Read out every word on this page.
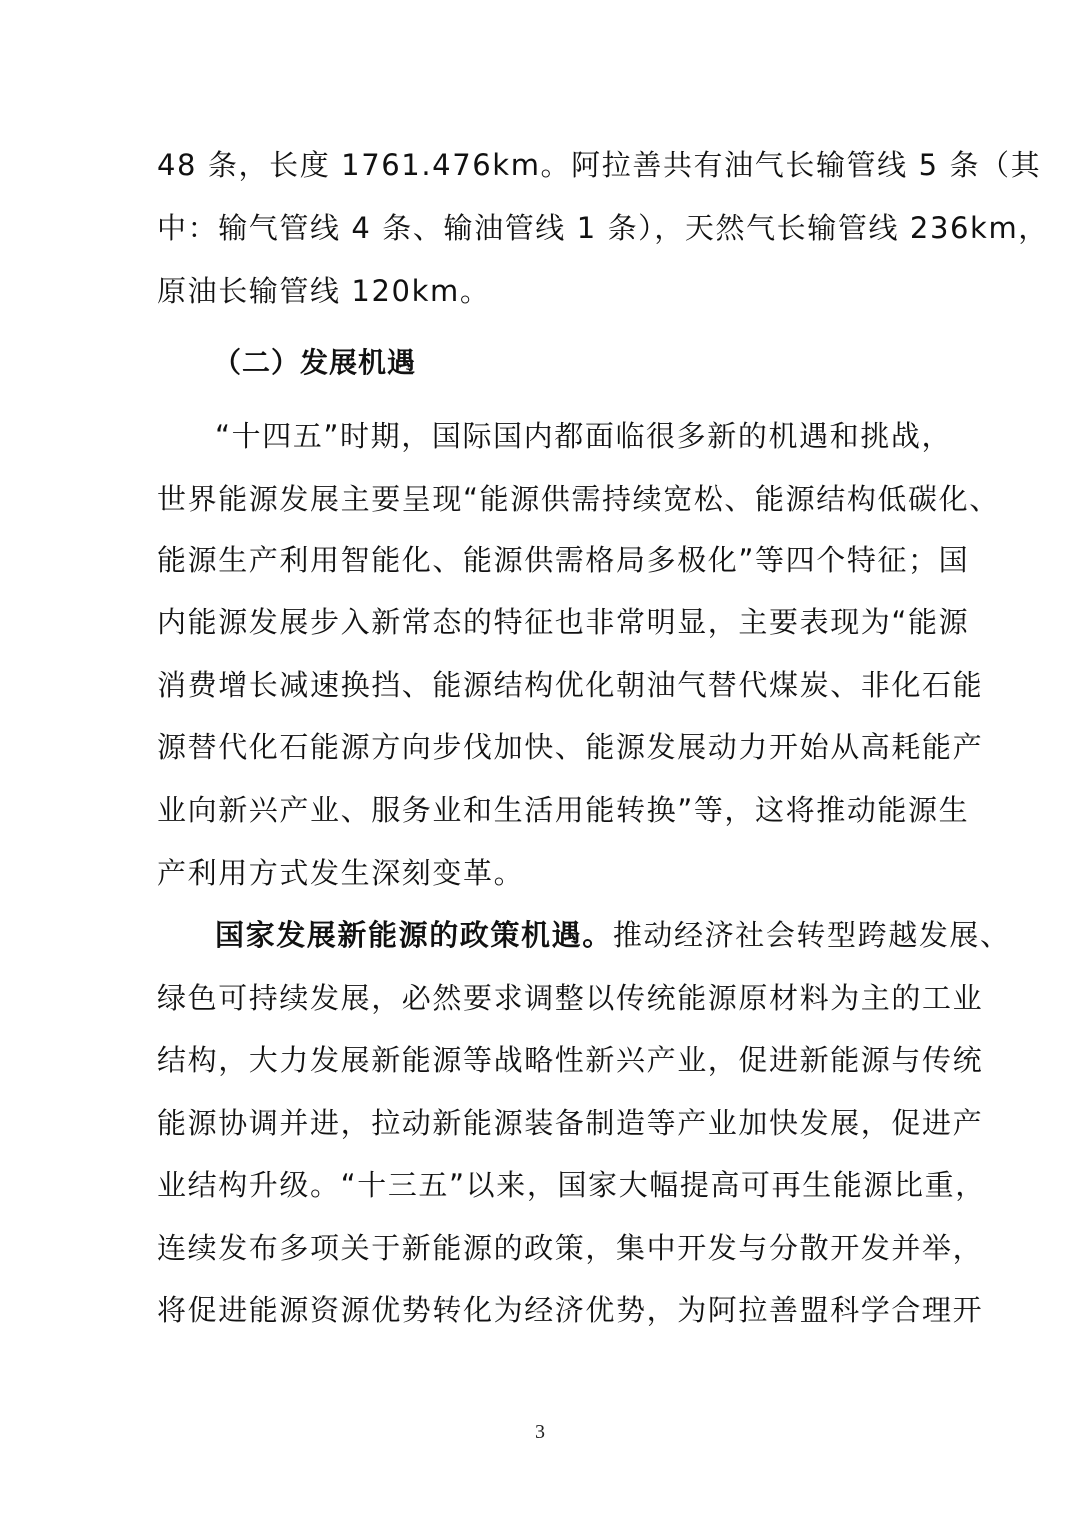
48 条，长度 1761.476km。阿拉善共有油气长输管线 5 条（其
中：输气管线 4 条、输油管线 1 条），天然气长输管线 236km，
原油长输管线 120km。
（二）发展机遇
“十四五”时期，国际国内都面临很多新的机遇和挑战，
世界能源发展主要呈现“能源供需持续宽松、能源结构低碳化、
能源生产利用智能化、能源供需格局多极化”等四个特征；国
内能源发展步入新常态的特征也非常明显，主要表现为“能源
消费增长减速换挡、能源结构优化朝油气替代煤炭、非化石能
源替代化石能源方向步伐加快、能源发展动力开始从高耗能产
业向新兴产业、服务业和生活用能转换”等，这将推动能源生
产利用方式发生深刻变革。
国家发展新能源的政策机遇。推动经济社会转型跨越发展、
绿色可持续发展，必然要求调整以传统能源原材料为主的工业
结构，大力发展新能源等战略性新兴产业，促进新能源与传统
能源协调并进，拉动新能源装备制造等产业加快发展，促进产
业结构升级。“十三五”以来，国家大幅提高可再生能源比重，
连续发布多项关于新能源的政策，集中开发与分散开发并举，
将促进能源资源优势转化为经济优势，为阿拉善盟科学合理开
3
